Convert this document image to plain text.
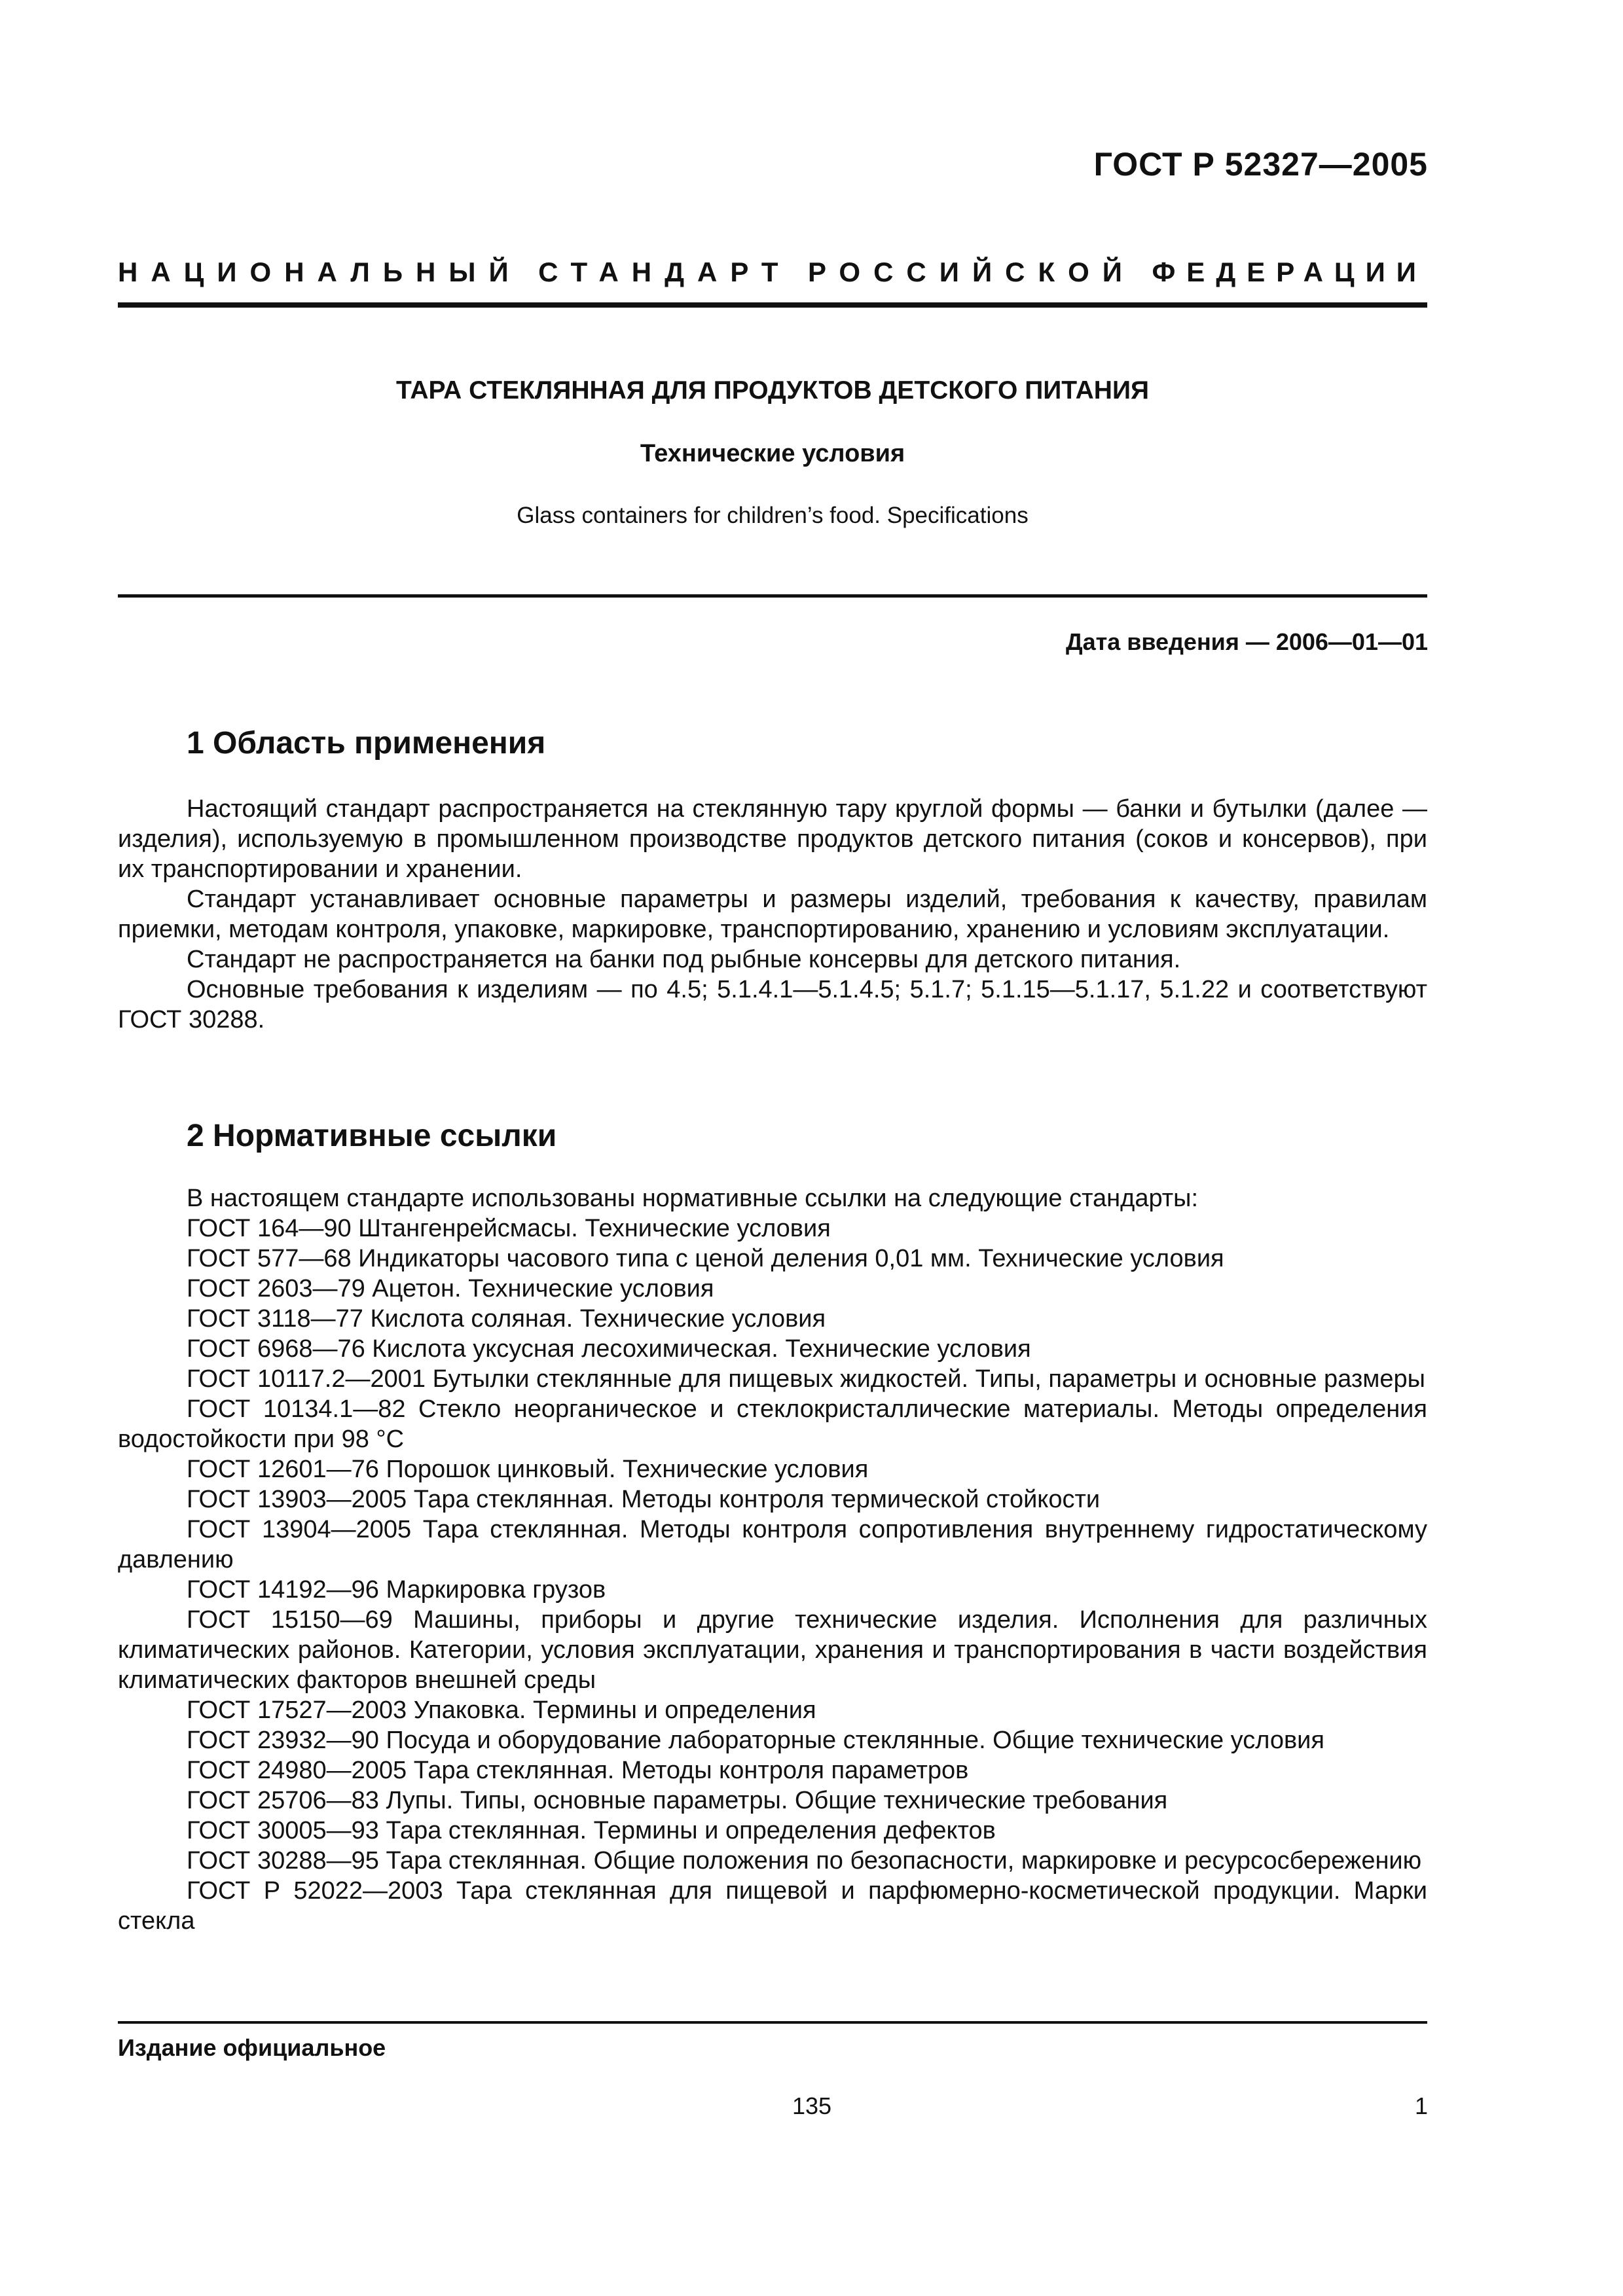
ГОСТ Р 52327—2005
НАЦИОНАЛЬНЫЙ СТАНДАРТ РОССИЙСКОЙ ФЕДЕРАЦИИ
ТАРА СТЕКЛЯННАЯ ДЛЯ ПРОДУКТОВ ДЕТСКОГО ПИТАНИЯ
Технические условия
Glass containers for children’s food. Specifications
Дата введения — 2006—01—01
1 Область применения

Настоящий стандарт распространяется на стеклянную тару круглой формы — банки и бутылки (далее — изделия), используемую в промышленном производстве продуктов детского питания (соков и консервов), при их транспортировании и хранении.

Стандарт устанавливает основные параметры и размеры изделий, требования к качеству, правилам приемки, методам контроля, упаковке, маркировке, транспортированию, хранению и условиям эксплуатации.

Стандарт не распространяется на банки под рыбные консервы для детского питания.

Основные требования к изделиям — по 4.5; 5.1.4.1—5.1.4.5; 5.1.7; 5.1.15—5.1.17, 5.1.22 и соответствуют ГОСТ 30288.

2 Нормативные ссылки

В настоящем стандарте использованы нормативные ссылки на следующие стандарты:

ГОСТ 164—90 Штангенрейсмасы. Технические условия

ГОСТ 577—68 Индикаторы часового типа с ценой деления 0,01 мм. Технические условия

ГОСТ 2603—79 Ацетон. Технические условия

ГОСТ 3118—77 Кислота соляная. Технические условия

ГОСТ 6968—76 Кислота уксусная лесохимическая. Технические условия

ГОСТ 10117.2—2001 Бутылки стеклянные для пищевых жидкостей. Типы, параметры и основные размеры

ГОСТ 10134.1—82 Стекло неорганическое и стеклокристаллические материалы. Методы определения водостойкости при 98 °С

ГОСТ 12601—76 Порошок цинковый. Технические условия

ГОСТ 13903—2005 Тара стеклянная. Методы контроля термической стойкости

ГОСТ 13904—2005 Тара стеклянная. Методы контроля сопротивления внутреннему гидростатическому давлению

ГОСТ 14192—96 Маркировка грузов

ГОСТ 15150—69 Машины, приборы и другие технические изделия. Исполнения для различных климатических районов. Категории, условия эксплуатации, хранения и транспортирования в части воздействия климатических факторов внешней среды

ГОСТ 17527—2003 Упаковка. Термины и определения

ГОСТ 23932—90 Посуда и оборудование лабораторные стеклянные. Общие технические условия

ГОСТ 24980—2005 Тара стеклянная. Методы контроля параметров

ГОСТ 25706—83 Лупы. Типы, основные параметры. Общие технические требования

ГОСТ 30005—93 Тара стеклянная. Термины и определения дефектов

ГОСТ 30288—95 Тара стеклянная. Общие положения по безопасности, маркировке и ресурсосбережению

ГОСТ Р 52022—2003 Тара стеклянная для пищевой и парфюмерно-косметической продукции. Марки стекла

Издание официальное
135	1
